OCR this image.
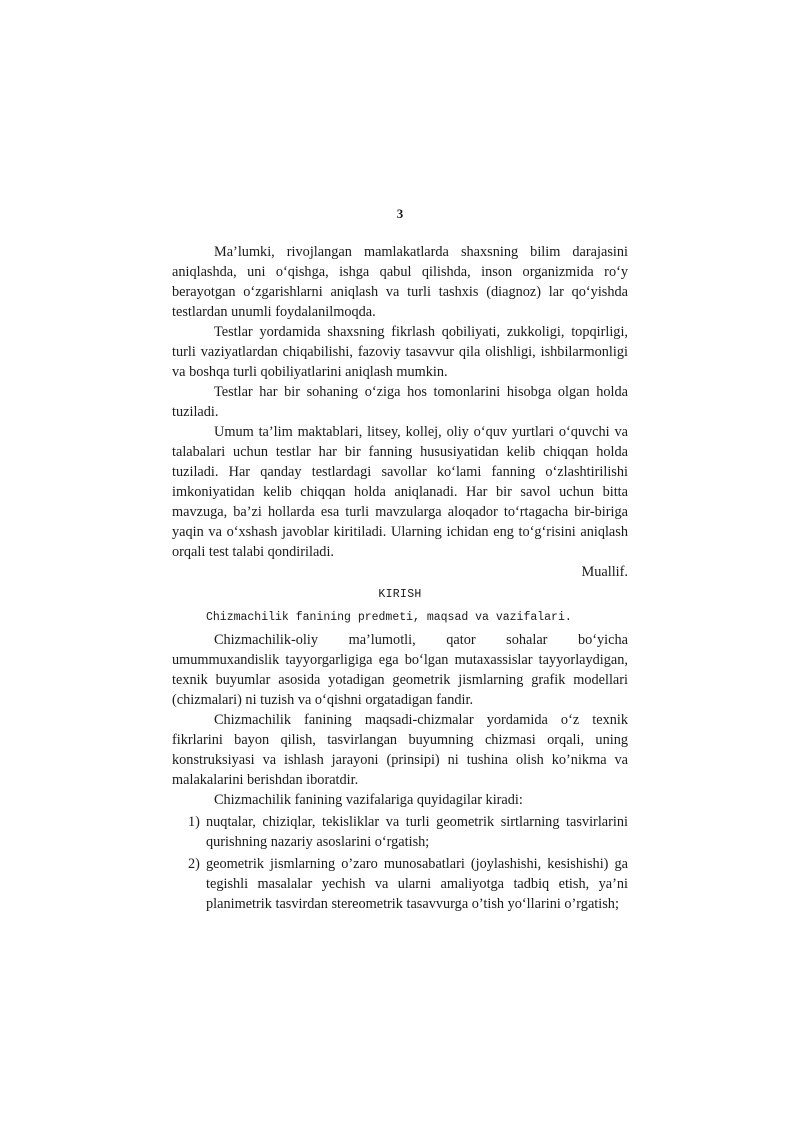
3

Ma’lumki, rivojlangan mamlakatlarda shaxsning bilim darajasini aniqlashda, uni o‘qishga, ishga qabul qilishda, inson organizmida ro‘y berayotgan o‘zgarishlarni aniqlash va turli tashxis (diagnoz) lar qo‘yishda testlardan unumli foydalanilmoqda.

Testlar yordamida shaxsning fikrlash qobiliyati, zukkoligi, topqirligi, turli vaziyatlardan chiqabilishi, fazoviy tasavvur qila olishligi, ishbilarmonligi va boshqa turli qobiliyatlarini aniqlash mumkin.

Testlar har bir sohaning o‘ziga hos tomonlarini hisobga olgan holda tuziladi.

Umum ta’lim maktablari, litsey, kollej, oliy o‘quv yurtlari o‘quvchi va talabalari uchun testlar har bir fanning hususiyatidan kelib chiqqan holda tuziladi. Har qanday testlardagi savollar ko‘lami fanning o‘zlashtirilishi imkoniyatidan kelib chiqqan holda aniqlanadi. Har bir savol uchun bitta mavzuga, ba’zi hollarda esa turli mavzularga aloqador to‘rtagacha bir-biriga yaqin va o‘xshash javoblar kiritiladi. Ularning ichidan eng to‘g‘risini aniqlash orqali test talabi qondiriladi.

Muallif.

KIRISH
Chizmachilik fanining predmeti, maqsad va vazifalari.

Chizmachilik-oliy ma’lumotli, qator sohalar bo‘yicha umummuxandislik tayyorgarligiga ega bo‘lgan mutaxassislar tayyorlaydigan, texnik buyumlar asosida yotadigan geometrik jismlarning grafik modellari (chizmalari) ni tuzish va o‘qishni orgatadigan fandir.

Chizmachilik fanining maqsadi-chizmalar yordamida o‘z texnik fikrlarini bayon qilish, tasvirlangan buyumning chizmasi orqali, uning konstruksiyasi va ishlash jarayoni (prinsipi) ni tushina olish ko’nikma va malakalarini berishdan iboratdir.

Chizmachilik fanining vazifalariga quyidagilar kiradi:

1) nuqtalar, chiziqlar, tekisliklar va turli geometrik sirtlarning tasvirlarini qurishning nazariy asoslarini o‘rgatish;
2) geometrik jismlarning o’zaro munosabatlari (joylashishi, kesishishi) ga tegishli masalalar yechish va ularni amaliyotga tadbiq etish, ya’ni planimetrik tasvirdan stereometrik tasavvurga o’tish yo‘llarini o’rgatish;
